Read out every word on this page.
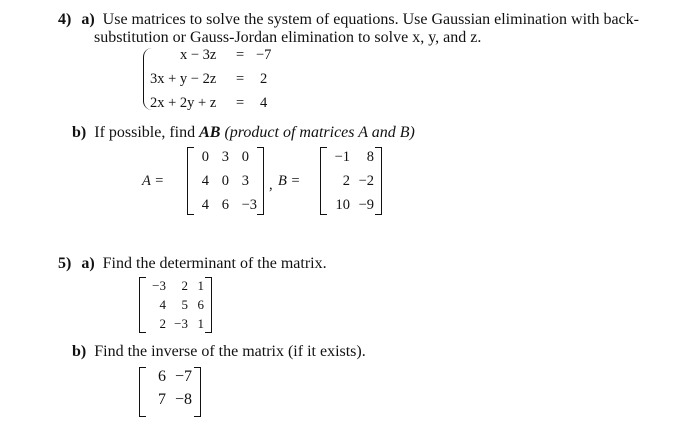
4) a) Use matrices to solve the system of equations. Use Gaussian elimination with back-
substitution or Gauss-Jordan elimination to solve x, y, and z.
x − 3z = −7
3x + y − 2z = 2
2x + 2y + z = 4
b) If possible, find AB (product of matrices A and B)
A =
0 3 0
4 0 3
4 6 −3
, B =
−1 8
2 −2
10 −9
5) a) Find the determinant of the matrix.
−3 2 1
4 5 6
2 −3 1
b) Find the inverse of the matrix (if it exists).
6 −7
7 −8
